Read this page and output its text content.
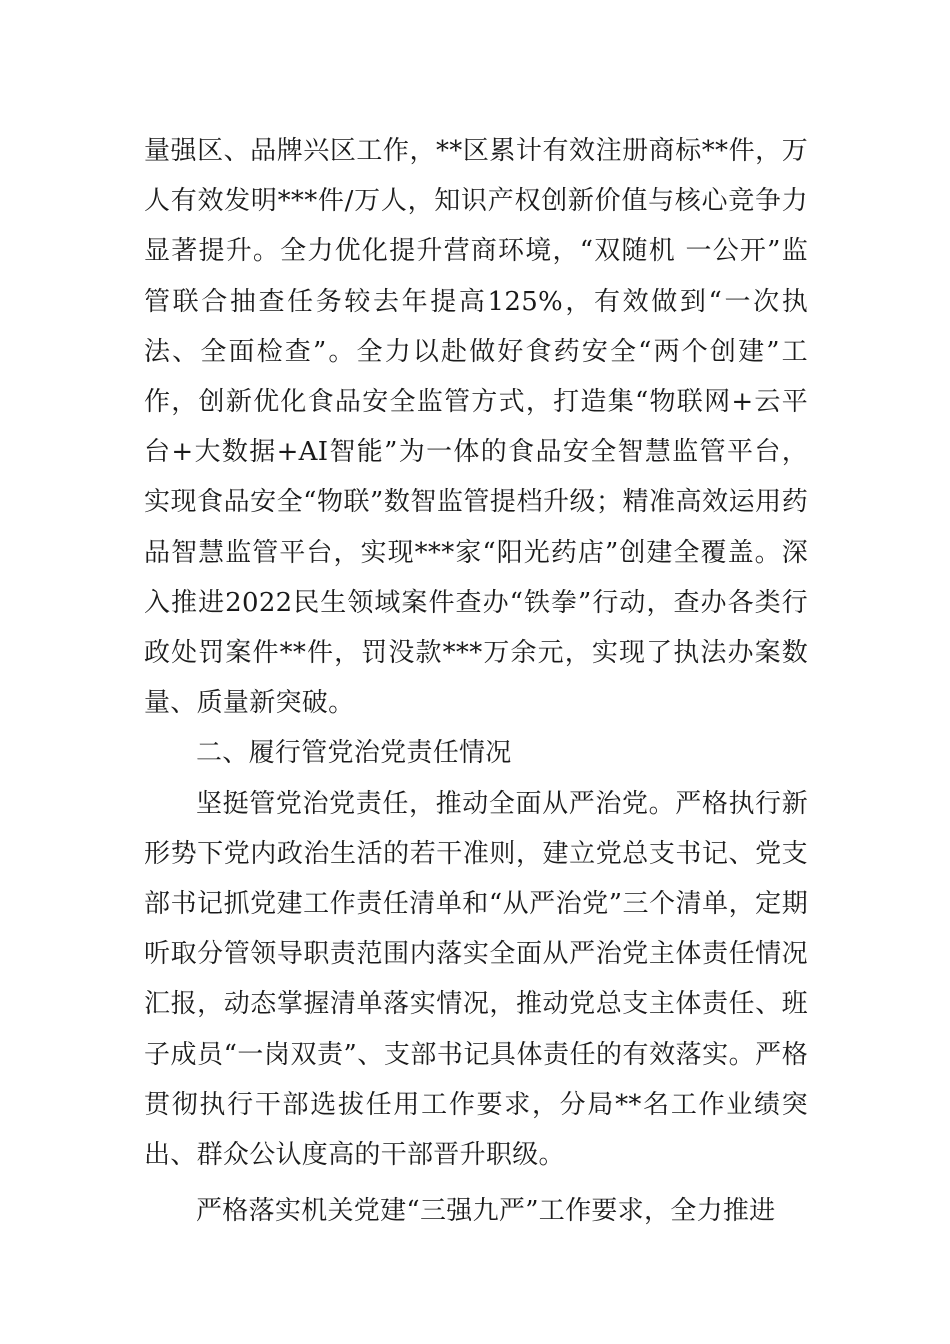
量强区、品牌兴区工作，**区累计有效注册商标**件，万人有效发明***件/万人，知识产权创新价值与核心竞争力显著提升。全力优化提升营商环境，“双随机 一公开”监管联合抽查任务较去年提高125%，有效做到“一次执法、全面检查”。全力以赴做好食药安全“两个创建”工作，创新优化食品安全监管方式，打造集“物联网+云平台+大数据+AI智能”为一体的食品安全智慧监管平台，实现食品安全“物联”数智监管提档升级；精准高效运用药品智慧监管平台，实现***家“阳光药店”创建全覆盖。深入推进2022民生领域案件查办“铁拳”行动，查办各类行政处罚案件**件，罚没款***万余元，实现了执法办案数量、质量新突破。

二、履行管党治党责任情况

坚挺管党治党责任，推动全面从严治党。严格执行新形势下党内政治生活的若干准则，建立党总支书记、党支部书记抓党建工作责任清单和“从严治党”三个清单，定期听取分管领导职责范围内落实全面从严治党主体责任情况汇报，动态掌握清单落实情况，推动党总支主体责任、班子成员“一岗双责”、支部书记具体责任的有效落实。严格贯彻执行干部选拔任用工作要求，分局**名工作业绩突出、群众公认度高的干部晋升职级。

严格落实机关党建“三强九严”工作要求，全力推进
